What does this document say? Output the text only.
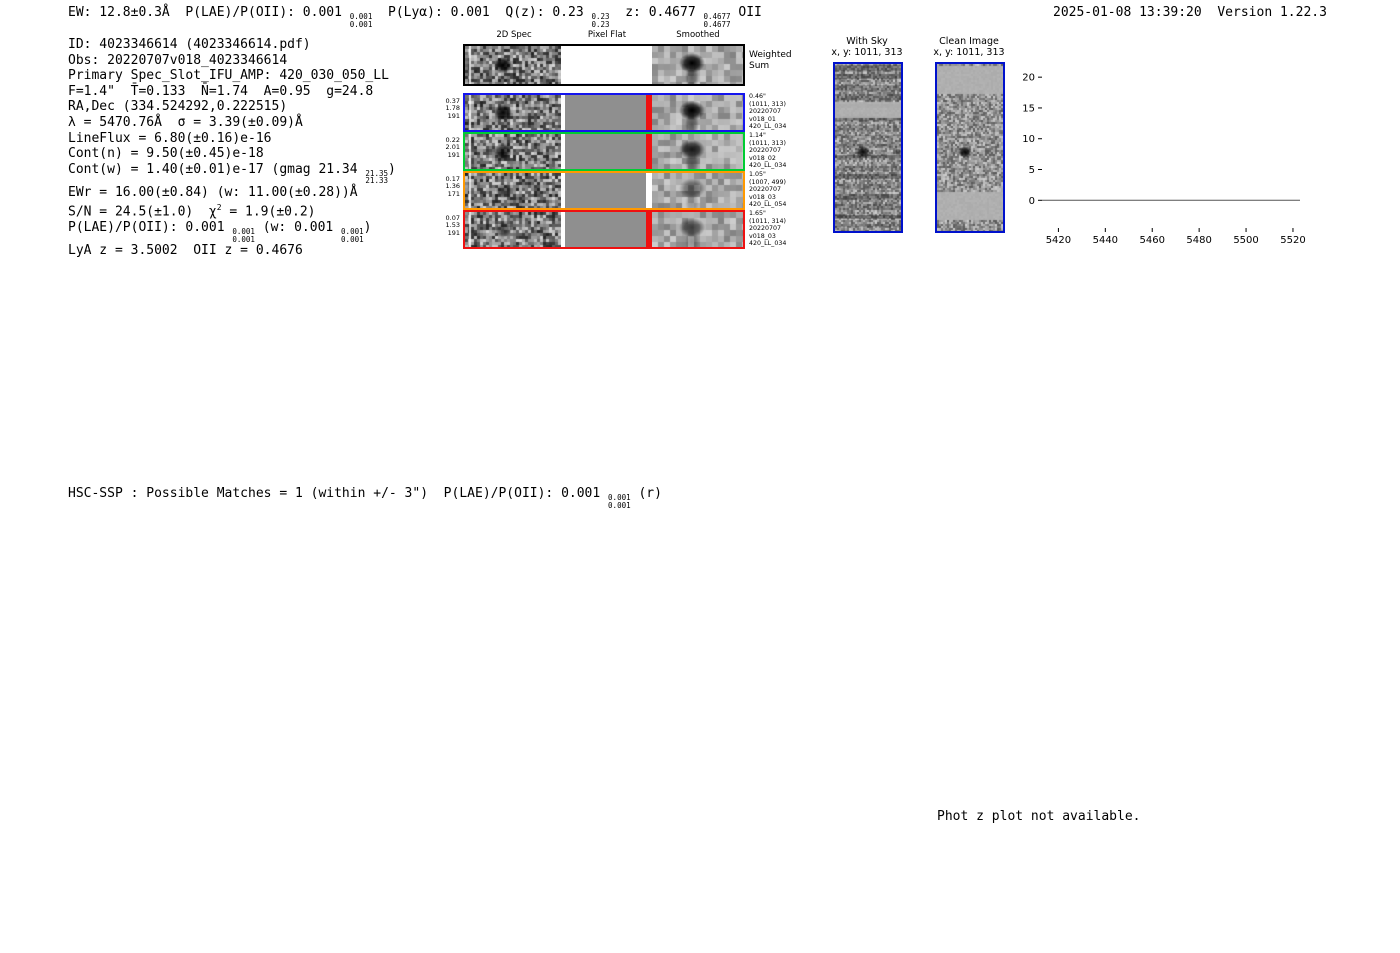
EW: 12.8±0.3Å  P(LAE)/P(OII): 0.001 0.001
0.001
P(Lyα): 0.001  Q(z): 0.23 0.23
0.23
z: 0.4677 0.4677
0.4677
OII	2025-01-08 13:39:20  Version 1.22.3
ID: 4023346614 (4023346614.pdf)
Obs: 20220707v018_4023346614
Primary Spec_Slot_IFU_AMP: 420_030_050_LL
F=1.4"  T̄=0.133  N̄=1.74  A=0.95  g=24.8
RA,Dec (334.524292,0.222515)
λ = 5470.76Å  σ = 3.39(±0.09)Å
LineFlux = 6.80(±0.16)e-16
Cont(n) = 9.50(±0.45)e-18
Cont(w) = 1.40(±0.01)e-17 (gmag 21.34 21.35
21.33
)
EWr = 16.00(±0.84) (w: 11.00(±0.28))Å
S/N = 24.5(±1.0)  $\chi^2 = 1.9(\pm 0.2)$
P(LAE)/P(OII): 0.001 0.001
0.001
(w: 0.001 0.001
0.001
)
LyA z = 3.5002  OII z = 0.4676
2D Spec	Pixel Flat	Smoothed
0.37
1.78
191
0.46"
(1011, 313)
20220707
v018_01
420_LL_034
0.22
2.01
191
1.14"
(1011, 313)
20220707
v018_02
420_LL_034
0.17
1.36
171
1.05"
(1007, 499)
20220707
v018_03
420_LL_054
0.07
1.53
191
1.65"
(1011, 314)
20220707
v018_03
420_LL_034
Weighted
Sum
With Sky
x, y: 1011, 313
Clean Image
x, y: 1011, 313
5420 5440 5460 5480 5500 5520
0
5
10
15
20
HSC-SSP : Possible Matches = 1 (within +/- 3")  P(LAE)/P(OII): 0.001 0.001
0.001
(r)
Phot z plot not available.
